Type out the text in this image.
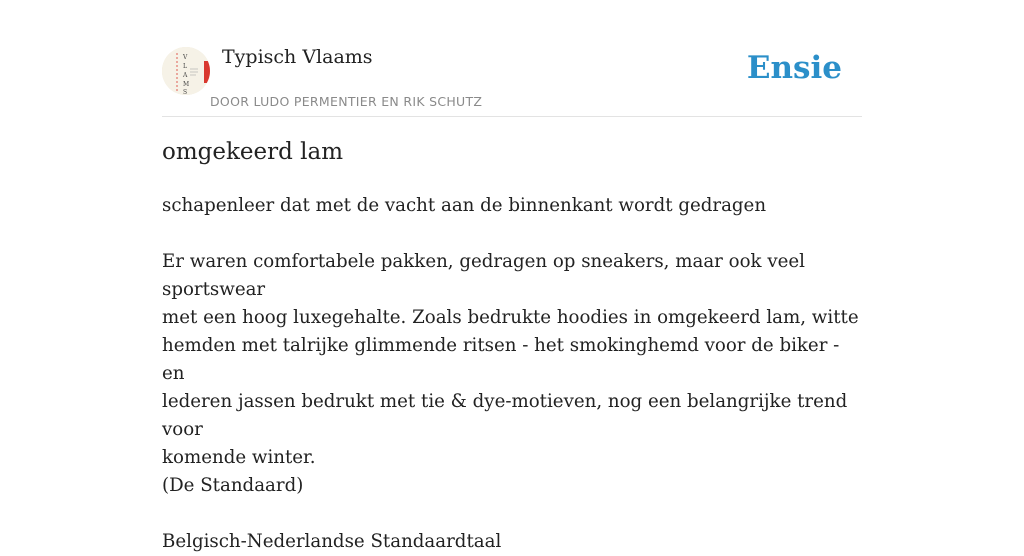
V
L
A
M
S
Typisch Vlaams
DOOR LUDO PERMENTIER EN RIK SCHUTZ
Ensie
omgekeerd lam

schapenleer dat met de vacht aan de binnenkant wordt gedragen

Er waren comfortabele pakken, gedragen op sneakers, maar ook veel sportswear

met een hoog luxegehalte. Zoals bedrukte hoodies in omgekeerd lam, witte

hemden met talrijke glimmende ritsen - het smokinghemd voor de biker - en

lederen jassen bedrukt met tie & dye-motieven, nog een belangrijke trend voor

komende winter.

(De Standaard)

Belgisch-Nederlandse Standaardtaal
